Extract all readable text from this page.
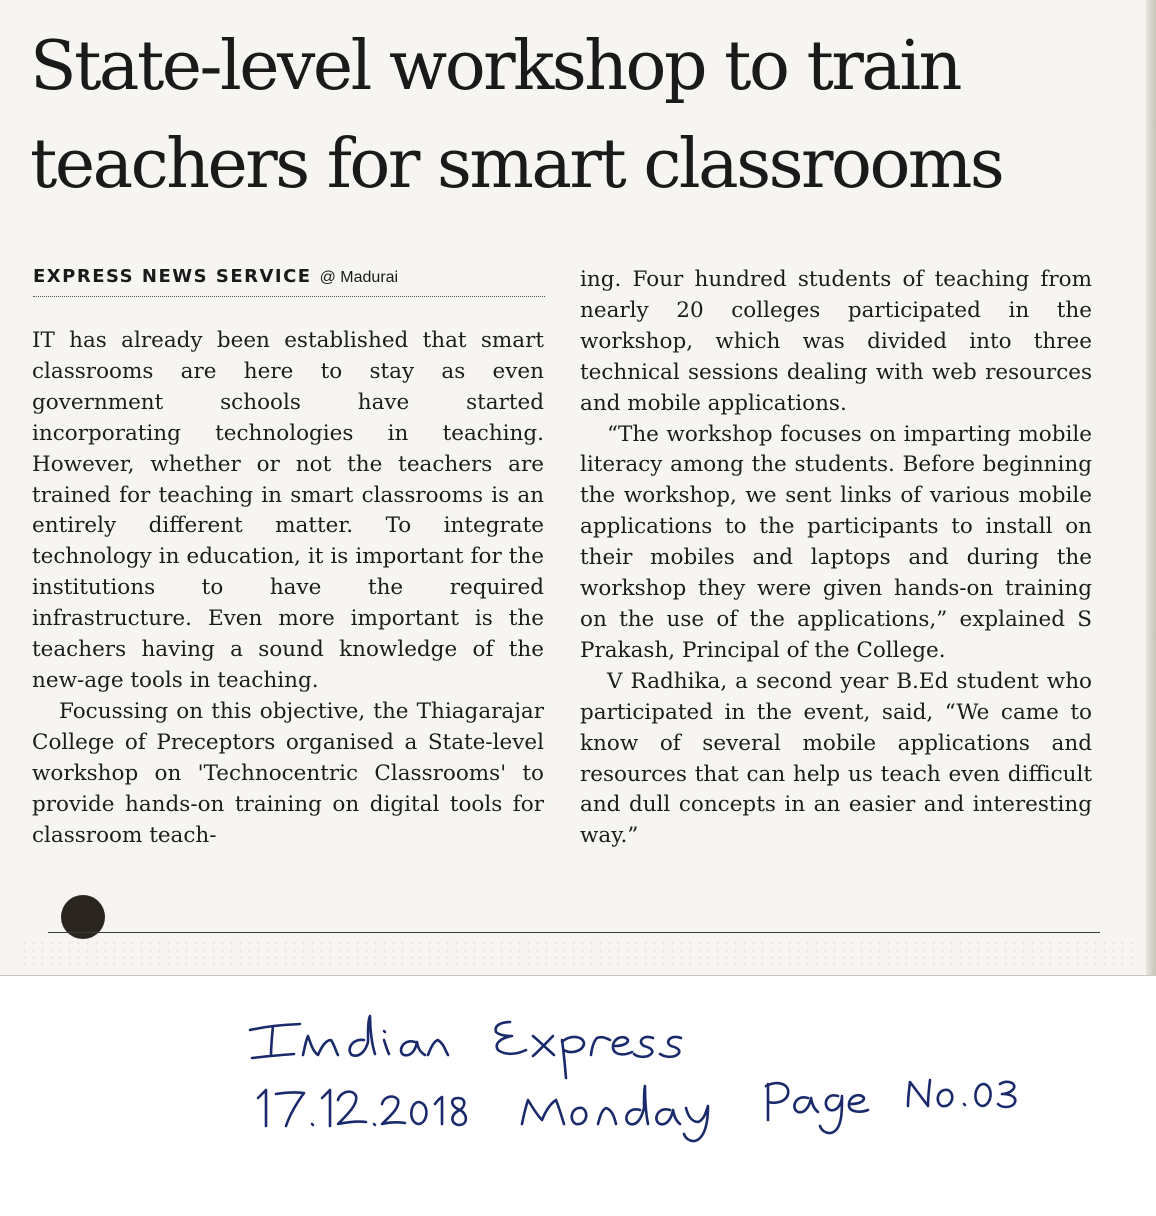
State-level workshop to train
teachers for smart classrooms
EXPRESS NEWS SERVICE @ Madurai

IT has already been established that smart classrooms are here to stay as even government schools have started incorporating technologies in teaching. However, whether or not the teachers are trained for teaching in smart classrooms is an entirely different matter. To integrate technology in education, it is important for the institutions to have the required infrastructure. Even more important is the teachers having a sound knowledge of the new-age tools in teaching.

Focussing on this objective, the Thiagarajar College of Preceptors organised a State-level workshop on 'Technocentric Classrooms' to provide hands-on training on digital tools for classroom teach-

ing. Four hundred students of teaching from nearly 20 colleges participated in the workshop, which was divided into three technical sessions dealing with web resources and mobile applications.

“The workshop focuses on imparting mobile literacy among the students. Before beginning the workshop, we sent links of various mobile applications to the participants to install on their mobiles and laptops and during the workshop they were given hands-on training on the use of the applications,” explained S Prakash, Principal of the College.

V Radhika, a second year B.Ed student who participated in the event, said, “We came to know of several mobile applications and resources that can help us teach even difficult and dull concepts in an easier and interesting way.”
